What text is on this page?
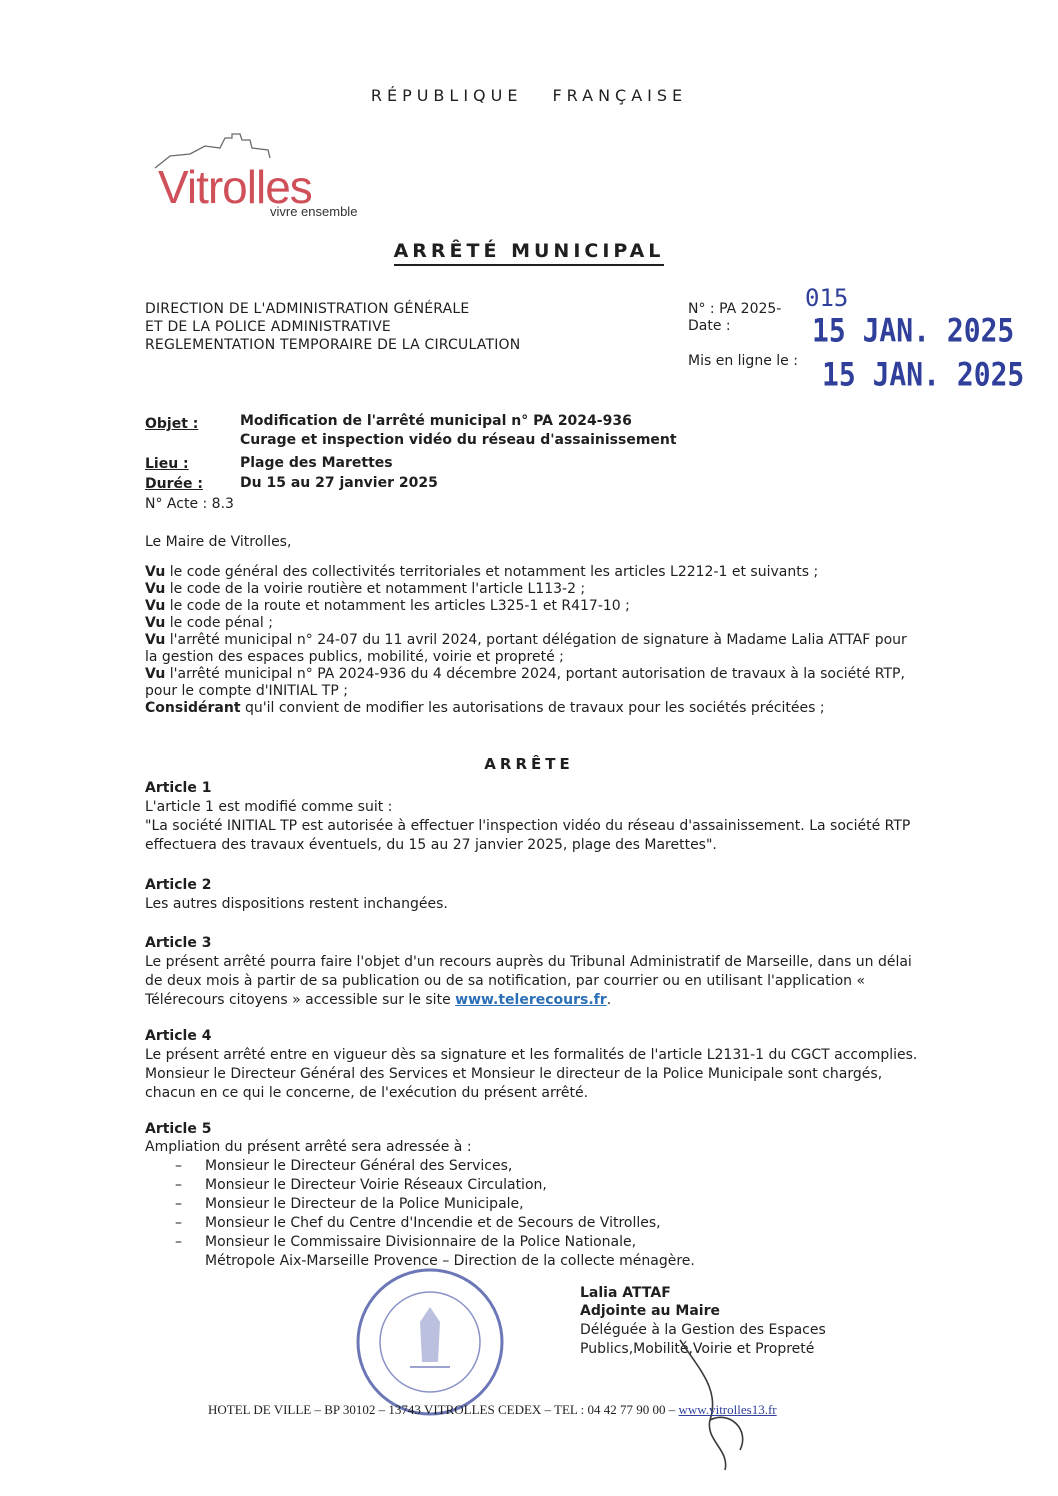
RÉPUBLIQUE FRANÇAISE
Vitrolles
vivre ensemble
ARRÊTÉ MUNICIPAL
DIRECTION DE L'ADMINISTRATION GÉNÉRALE
ET DE LA POLICE ADMINISTRATIVE
REGLEMENTATION TEMPORAIRE DE LA CIRCULATION
N° : PA 2025- 015
Date :	15 JAN. 2025
Mis en ligne le : 15 JAN. 2025
Objet :	Modification de l'arrêté municipal n° PA 2024-936
Curage et inspection vidéo du réseau d'assainissement
Lieu :	Plage des Marettes
Durée :	Du 15 au 27 janvier 2025
N° Acte : 8.3
Le Maire de Vitrolles,
Vu le code général des collectivités territoriales et notamment les articles L2212-1 et suivants ;
Vu le code de la voirie routière et notamment l'article L113-2 ;
Vu le code de la route et notamment les articles L325-1 et R417-10 ;
Vu le code pénal ;
Vu l'arrêté municipal n° 24-07 du 11 avril 2024, portant délégation de signature à Madame Lalia ATTAF pour la gestion des espaces publics, mobilité, voirie et propreté ;
Vu l'arrêté municipal n° PA 2024-936 du 4 décembre 2024, portant autorisation de travaux à la société RTP, pour le compte d'INITIAL TP ;
Considérant qu'il convient de modifier les autorisations de travaux pour les sociétés précitées ;
ARRÊTE
Article 1
L'article 1 est modifié comme suit :
"La société INITIAL TP est autorisée à effectuer l'inspection vidéo du réseau d'assainissement. La société RTP effectuera des travaux éventuels, du 15 au 27 janvier 2025, plage des Marettes".
Article 2
Les autres dispositions restent inchangées.
Article 3
Le présent arrêté pourra faire l'objet d'un recours auprès du Tribunal Administratif de Marseille, dans un délai de deux mois à partir de sa publication ou de sa notification, par courrier ou en utilisant l'application « Télérecours citoyens » accessible sur le site www.telerecours.fr.
Article 4
Le présent arrêté entre en vigueur dès sa signature et les formalités de l'article L2131-1 du CGCT accomplies. Monsieur le Directeur Général des Services et Monsieur le directeur de la Police Municipale sont chargés, chacun en ce qui le concerne, de l'exécution du présent arrêté.
Article 5
Ampliation du présent arrêté sera adressée à :
– Monsieur le Directeur Général des Services,
– Monsieur le Directeur Voirie Réseaux Circulation,
– Monsieur le Directeur de la Police Municipale,
– Monsieur le Chef du Centre d'Incendie et de Secours de Vitrolles,
– Monsieur le Commissaire Divisionnaire de la Police Nationale,
Métropole Aix-Marseille Provence – Direction de la collecte ménagère.
Lalia ATTAF
Adjointe au Maire
Déléguée à la Gestion des Espaces
Publics,Mobilité,Voirie et Propreté
HOTEL DE VILLE – BP 30102 – 13743 VITROLLES CEDEX – TEL : 04 42 77 90 00 – www.vitrolles13.fr
